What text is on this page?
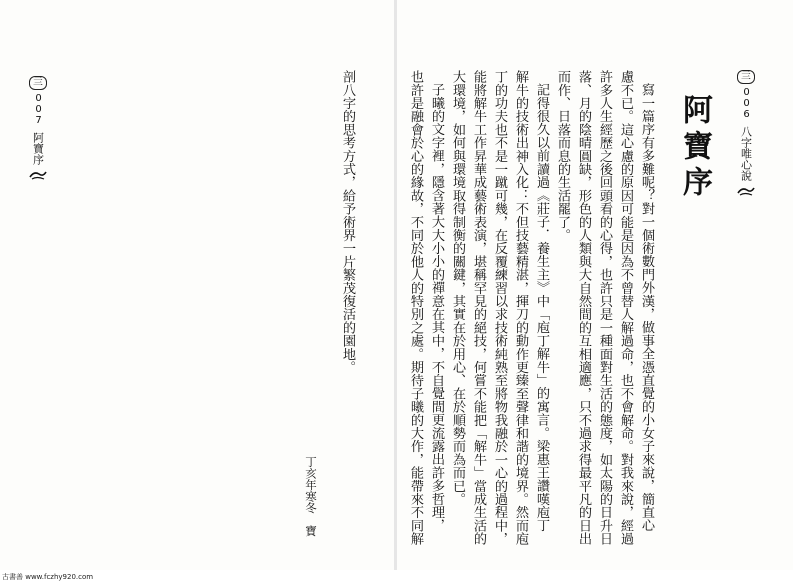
亖
006
八字唯心說
阿寶序
寫一篇序有多難呢？對一個術數門外漢，做事全憑直覺的小女子來說，簡直心
慮不已。這心慮的原因可能是因為不曾替人解過命，也不會解命。對我來說，經過
許多人生經歷之後回頭看的心得，也許只是一種面對生活的態度，如太陽的日升日
落、月的陰晴圓缺，形色的人類與大自然間的互相適應，只不過求得最平凡的日出
而作、日落而息的生活罷了。
記得很久以前讀過《莊子．養生主》中「庖丁解牛」的寓言。梁惠王讚嘆庖丁
解牛的技術出神入化：不但技藝精湛，揮刀的動作更臻至聲律和諧的境界。然而庖
丁的功夫也不是一蹴可幾，在反覆練習以求技術純熟至將物我融於一心的過程中，
能將解牛工作昇華成藝術表演，堪稱罕見的絕技，何嘗不能把「解牛」當成生活的
大環境，如何與環境取得制衡的關鍵，其實在於用心、在於順勢而為而已。
子曦的文字裡，隱含著大大小小的禪意在其中，不自覺間更流露出許多哲理，
也許是融會於心的緣故，不同於他人的特別之處。期待子曦的大作，能帶來不同解
亖
007
阿寶序	剖八字的思考方式，給予術界一片繁茂復活的園地。
丁亥年寒冬
寶
古書善 www.fczhy920.com
